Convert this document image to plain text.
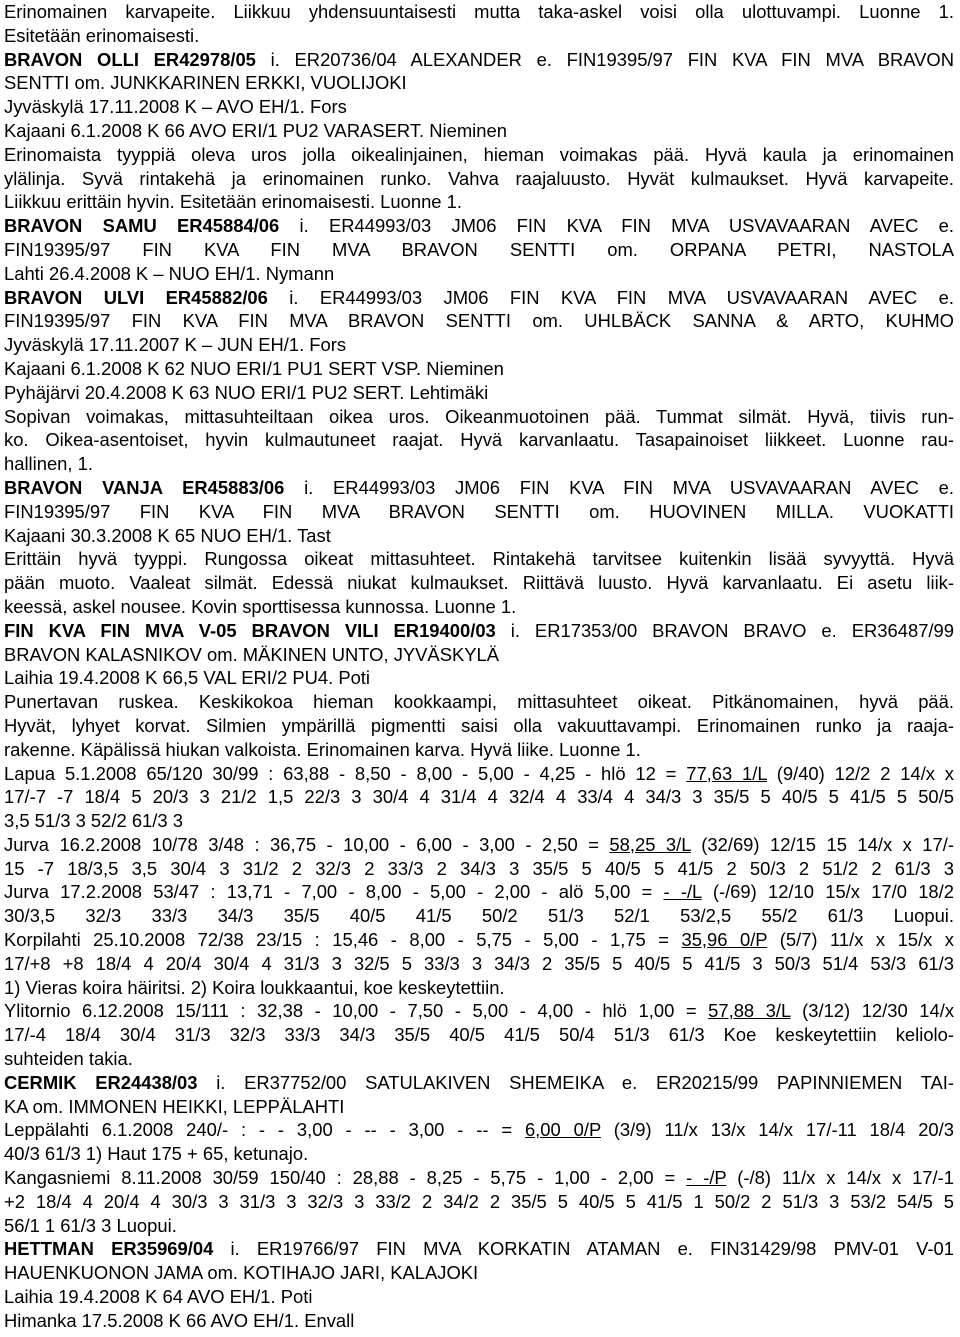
Erinomainen karvapeite. Liikkuu yhdensuuntaisesti mutta taka-askel voisi olla ulottuvampi. Luonne 1.
Esitetään erinomaisesti.
BRAVON OLLI ER42978/05 i. ER20736/04 ALEXANDER e. FIN19395/97 FIN KVA FIN MVA BRAVON
SENTTI om. JUNKKARINEN ERKKI, VUOLIJOKI
Jyväskylä 17.11.2008 K – AVO EH/1. Fors
Kajaani 6.1.2008 K 66 AVO ERI/1 PU2 VARASERT. Nieminen
Erinomaista tyyppiä oleva uros jolla oikealinjainen, hieman voimakas pää. Hyvä kaula ja erinomainen
ylälinja. Syvä rintakehä ja erinomainen runko. Vahva raajaluusto. Hyvät kulmaukset. Hyvä karvapeite.
Liikkuu erittäin hyvin. Esitetään erinomaisesti. Luonne 1.
BRAVON SAMU ER45884/06 i. ER44993/03 JM06 FIN KVA FIN MVA USVAVAARAN AVEC e.
FIN19395/97 FIN KVA FIN MVA BRAVON SENTTI om. ORPANA PETRI, NASTOLA
Lahti 26.4.2008 K – NUO EH/1. Nymann
BRAVON ULVI ER45882/06 i. ER44993/03 JM06 FIN KVA FIN MVA USVAVAARAN AVEC e.
FIN19395/97 FIN KVA FIN MVA BRAVON SENTTI om. UHLBÄCK SANNA & ARTO, KUHMO
Jyväskylä 17.11.2007 K – JUN EH/1. Fors
Kajaani 6.1.2008 K 62 NUO ERI/1 PU1 SERT VSP. Nieminen
Pyhäjärvi 20.4.2008 K 63 NUO ERI/1 PU2 SERT. Lehtimäki
Sopivan voimakas, mittasuhteiltaan oikea uros. Oikeanmuotoinen pää. Tummat silmät. Hyvä, tiivis run-
ko. Oikea-asentoiset, hyvin kulmautuneet raajat. Hyvä karvanlaatu. Tasapainoiset liikkeet. Luonne rau-
hallinen, 1.
BRAVON VANJA ER45883/06 i. ER44993/03 JM06 FIN KVA FIN MVA USVAVAARAN AVEC e.
FIN19395/97 FIN KVA FIN MVA BRAVON SENTTI om. HUOVINEN MILLA. VUOKATTI
Kajaani 30.3.2008 K 65 NUO EH/1. Tast
Erittäin hyvä tyyppi. Rungossa oikeat mittasuhteet. Rintakehä tarvitsee kuitenkin lisää syvyyttä. Hyvä
pään muoto. Vaaleat silmät. Edessä niukat kulmaukset. Riittävä luusto. Hyvä karvanlaatu. Ei asetu liik-
keessä, askel nousee. Kovin sporttisessa kunnossa. Luonne 1.
FIN KVA FIN MVA V-05 BRAVON VILI ER19400/03 i. ER17353/00 BRAVON BRAVO e. ER36487/99
BRAVON KALASNIKOV om. MÄKINEN UNTO, JYVÄSKYLÄ
Laihia 19.4.2008 K 66,5 VAL ERI/2 PU4. Poti
Punertavan ruskea. Keskikokoa hieman kookkaampi, mittasuhteet oikeat. Pitkänomainen, hyvä pää.
Hyvät, lyhyet korvat. Silmien ympärillä pigmentti saisi olla vakuuttavampi. Erinomainen runko ja raaja-
rakenne. Käpälissä hiukan valkoista. Erinomainen karva. Hyvä liike. Luonne 1.
Lapua 5.1.2008 65/120 30/99 : 63,88 - 8,50 - 8,00 - 5,00 - 4,25 - hlö 12 = 77,63 1/L (9/40) 12/2 2 14/x x
17/-7 -7 18/4 5 20/3 3 21/2 1,5 22/3 3 30/4 4 31/4 4 32/4 4 33/4 4 34/3 3 35/5 5 40/5 5 41/5 5 50/5
3,5 51/3 3 52/2 61/3 3
Jurva 16.2.2008 10/78 3/48 : 36,75 - 10,00 - 6,00 - 3,00 - 2,50 = 58,25 3/L (32/69) 12/15 15 14/x x 17/-
15 -7 18/3,5 3,5 30/4 3 31/2 2 32/3 2 33/3 2 34/3 3 35/5 5 40/5 5 41/5 2 50/3 2 51/2 2 61/3 3
Jurva 17.2.2008 53/47 : 13,71 - 7,00 - 8,00 - 5,00 - 2,00 - alö 5,00 = - -/L (-/69) 12/10 15/x 17/0 18/2
30/3,5 32/3 33/3 34/3 35/5 40/5 41/5 50/2 51/3 52/1 53/2,5 55/2 61/3 Luopui.
Korpilahti 25.10.2008 72/38 23/15 : 15,46 - 8,00 - 5,75 - 5,00 - 1,75 = 35,96 0/P (5/7) 11/x x 15/x x
17/+8 +8 18/4 4 20/4 30/4 4 31/3 3 32/5 5 33/3 3 34/3 2 35/5 5 40/5 5 41/5 3 50/3 51/4 53/3 61/3
1) Vieras koira häiritsi. 2) Koira loukkaantui, koe keskeytettiin.
Ylitornio 6.12.2008 15/111 : 32,38 - 10,00 - 7,50 - 5,00 - 4,00 - hlö 1,00 = 57,88 3/L (3/12) 12/30 14/x
17/-4 18/4 30/4 31/3 32/3 33/3 34/3 35/5 40/5 41/5 50/4 51/3 61/3 Koe keskeytettiin keliolo-
suhteiden takia.
CERMIK ER24438/03 i. ER37752/00 SATULAKIVEN SHEMEIKA e. ER20215/99 PAPINNIEMEN TAI-
KA om. IMMONEN HEIKKI, LEPPÄLAHTI
Leppälahti 6.1.2008 240/- : - - 3,00 - -- - 3,00 - -- = 6,00 0/P (3/9) 11/x 13/x 14/x 17/-11 18/4 20/3
40/3 61/3 1) Haut 175 + 65, ketunajo.
Kangasniemi 8.11.2008 30/59 150/40 : 28,88 - 8,25 - 5,75 - 1,00 - 2,00 = - -/P (-/8) 11/x x 14/x x 17/-1
+2 18/4 4 20/4 4 30/3 3 31/3 3 32/3 3 33/2 2 34/2 2 35/5 5 40/5 5 41/5 1 50/2 2 51/3 3 53/2 54/5 5
56/1 1 61/3 3 Luopui.
HETTMAN ER35969/04 i. ER19766/97 FIN MVA KORKATIN ATAMAN e. FIN31429/98 PMV-01 V-01
HAUENKUONON JAMA om. KOTIHAJO JARI, KALAJOKI
Laihia 19.4.2008 K 64 AVO EH/1. Poti
Himanka 17.5.2008 K 66 AVO EH/1. Envall
